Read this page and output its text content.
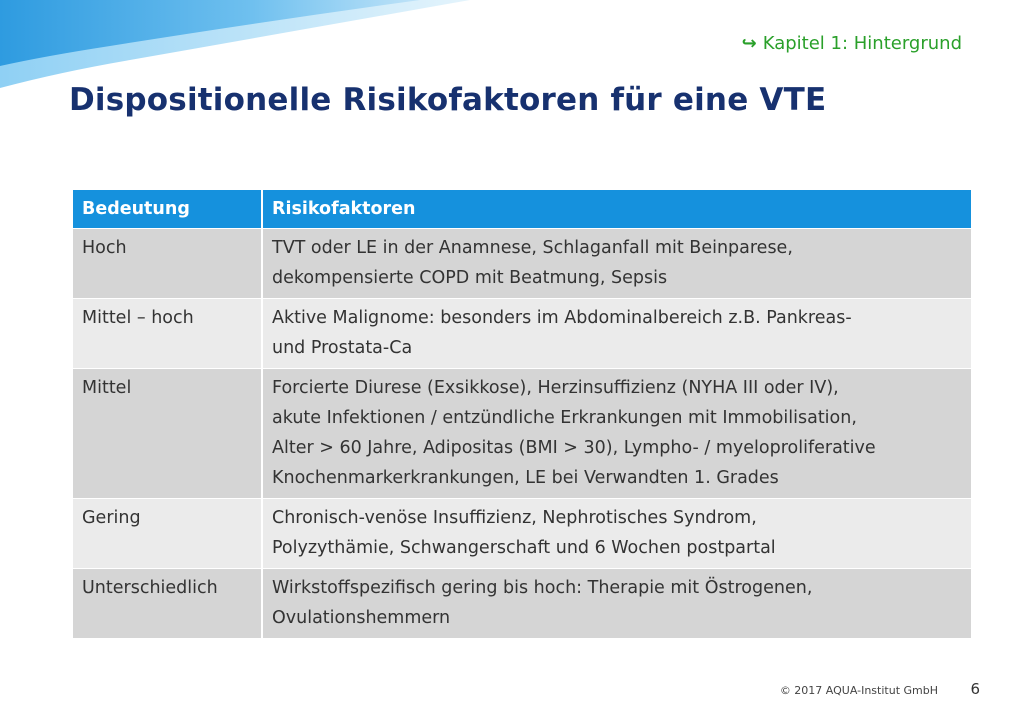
↪ Kapitel 1: Hintergrund
Dispositionelle Risikofaktoren für eine VTE
Bedeutung	Risikofaktoren
Hoch	TVT oder LE in der Anamnese, Schlaganfall mit Beinparese,
dekompensierte COPD mit Beatmung, Sepsis

Mittel – hoch	Aktive Malignome: besonders im Abdominalbereich z.B. Pankreas-
und Prostata-Ca

Mittel	Forcierte Diurese (Exsikkose), Herzinsuffizienz (NYHA III oder IV),
akute Infektionen / entzündliche Erkrankungen mit Immobilisation,
Alter > 60 Jahre, Adipositas (BMI > 30), Lympho- / myeloproliferative
Knochenmarkerkrankungen, LE bei Verwandten 1. Grades

Gering	Chronisch-venöse Insuffizienz, Nephrotisches Syndrom,
Polyzythämie, Schwangerschaft und 6 Wochen postpartal

Unterschiedlich	Wirkstoffspezifisch gering bis hoch: Therapie mit Östrogenen,
Ovulationshemmern
© 2017 AQUA-Institut GmbH 6
